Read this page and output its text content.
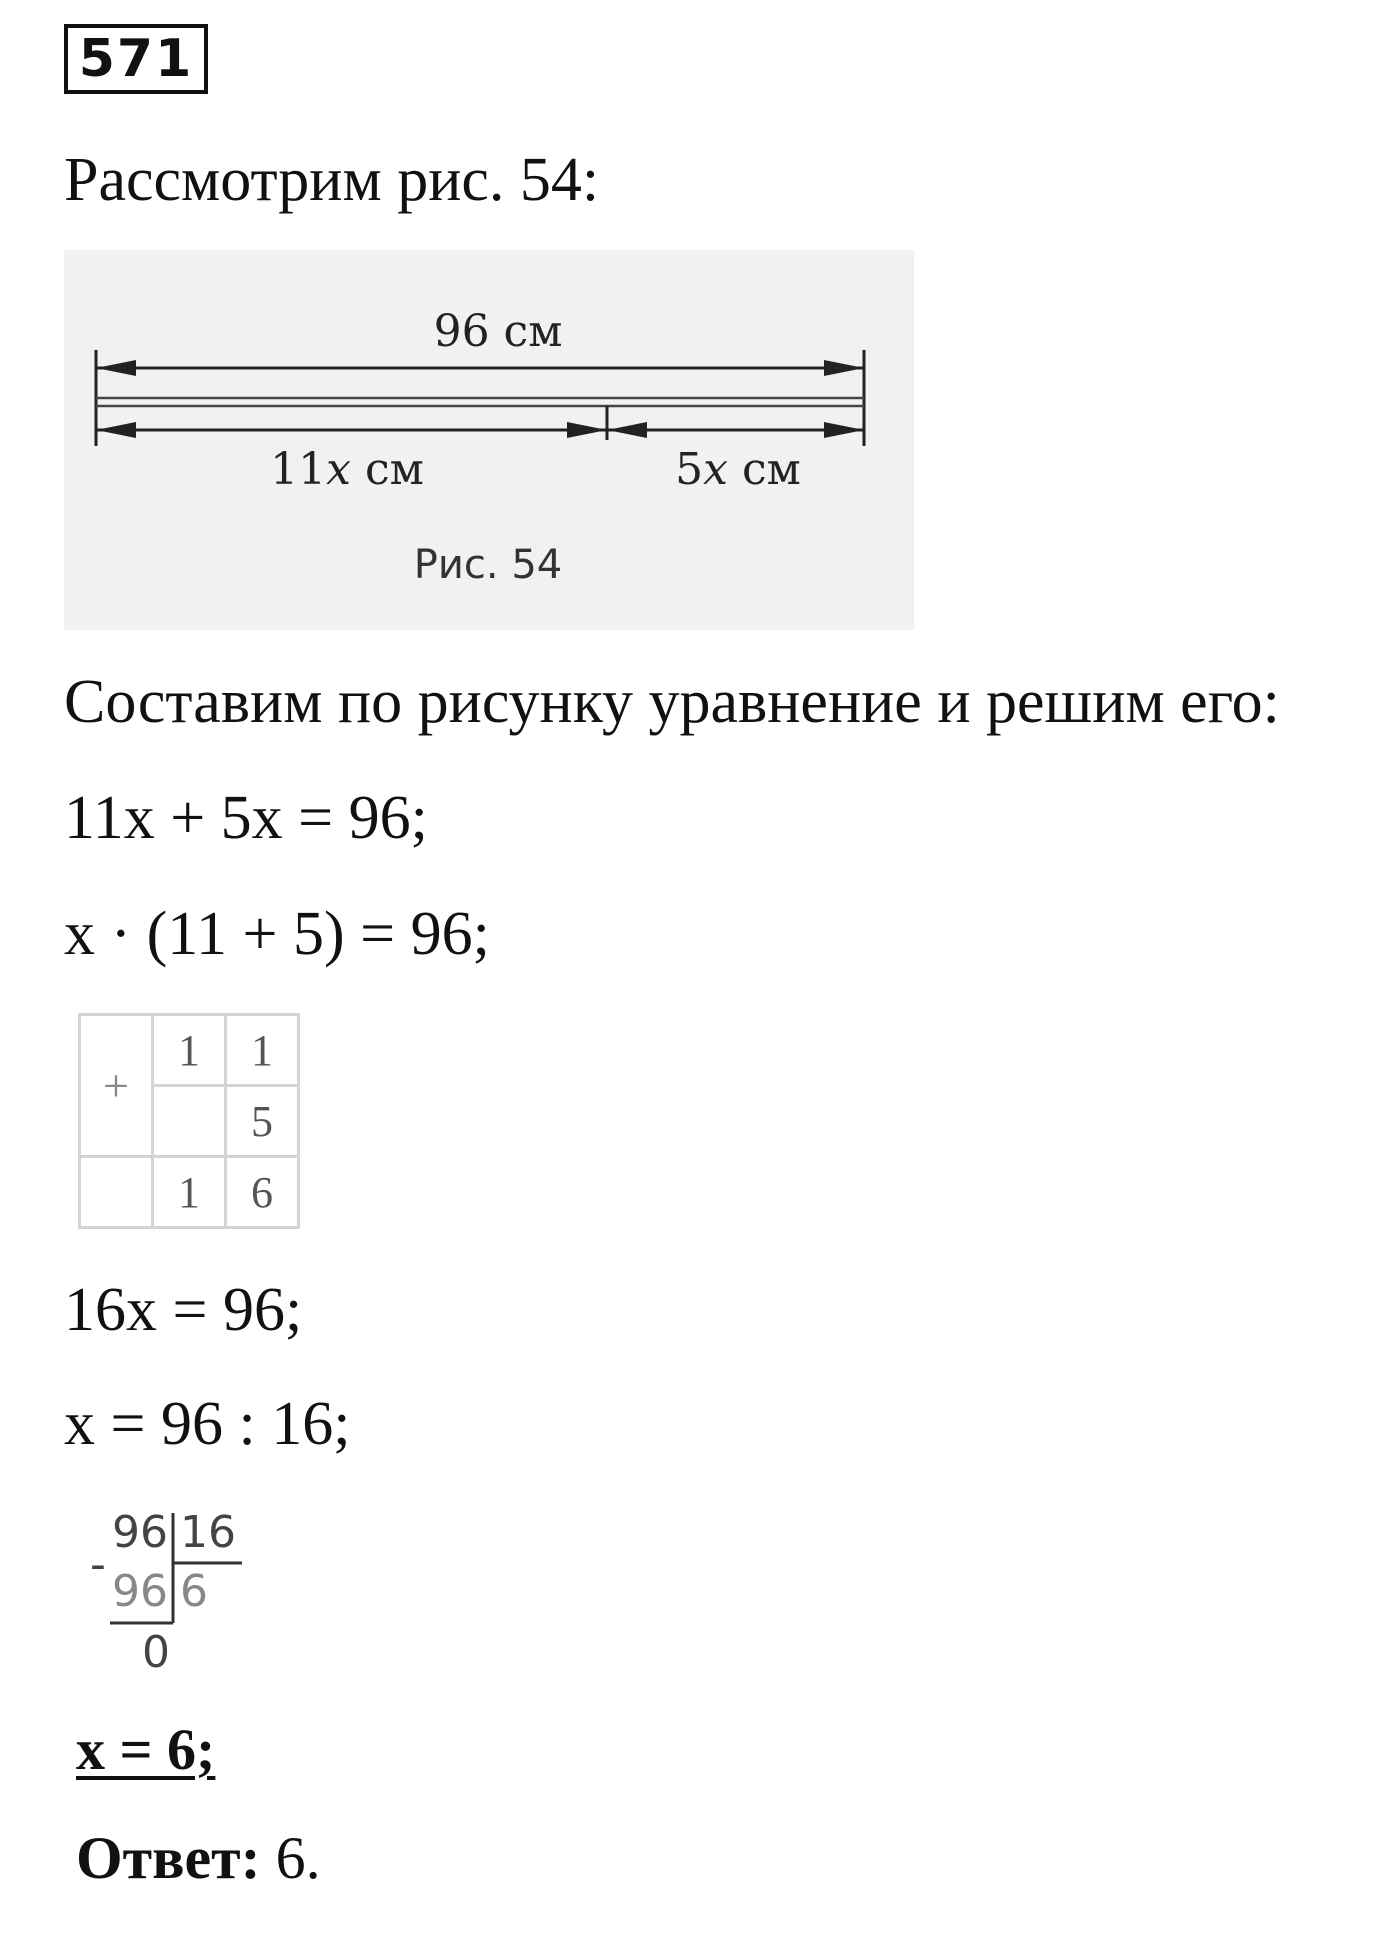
571
Рассмотрим рис. 54:
96 см
11x см	5x см
Рис. 54
Составим по рисунку уравнение и решим его:
11x + 5x = 96;
x · (11 + 5) = 96;
+	1	1
		5
	1	6
16x = 96;
x = 96 : 16;
96 16
-
96 6
0
x = 6;
Ответ: 6.
